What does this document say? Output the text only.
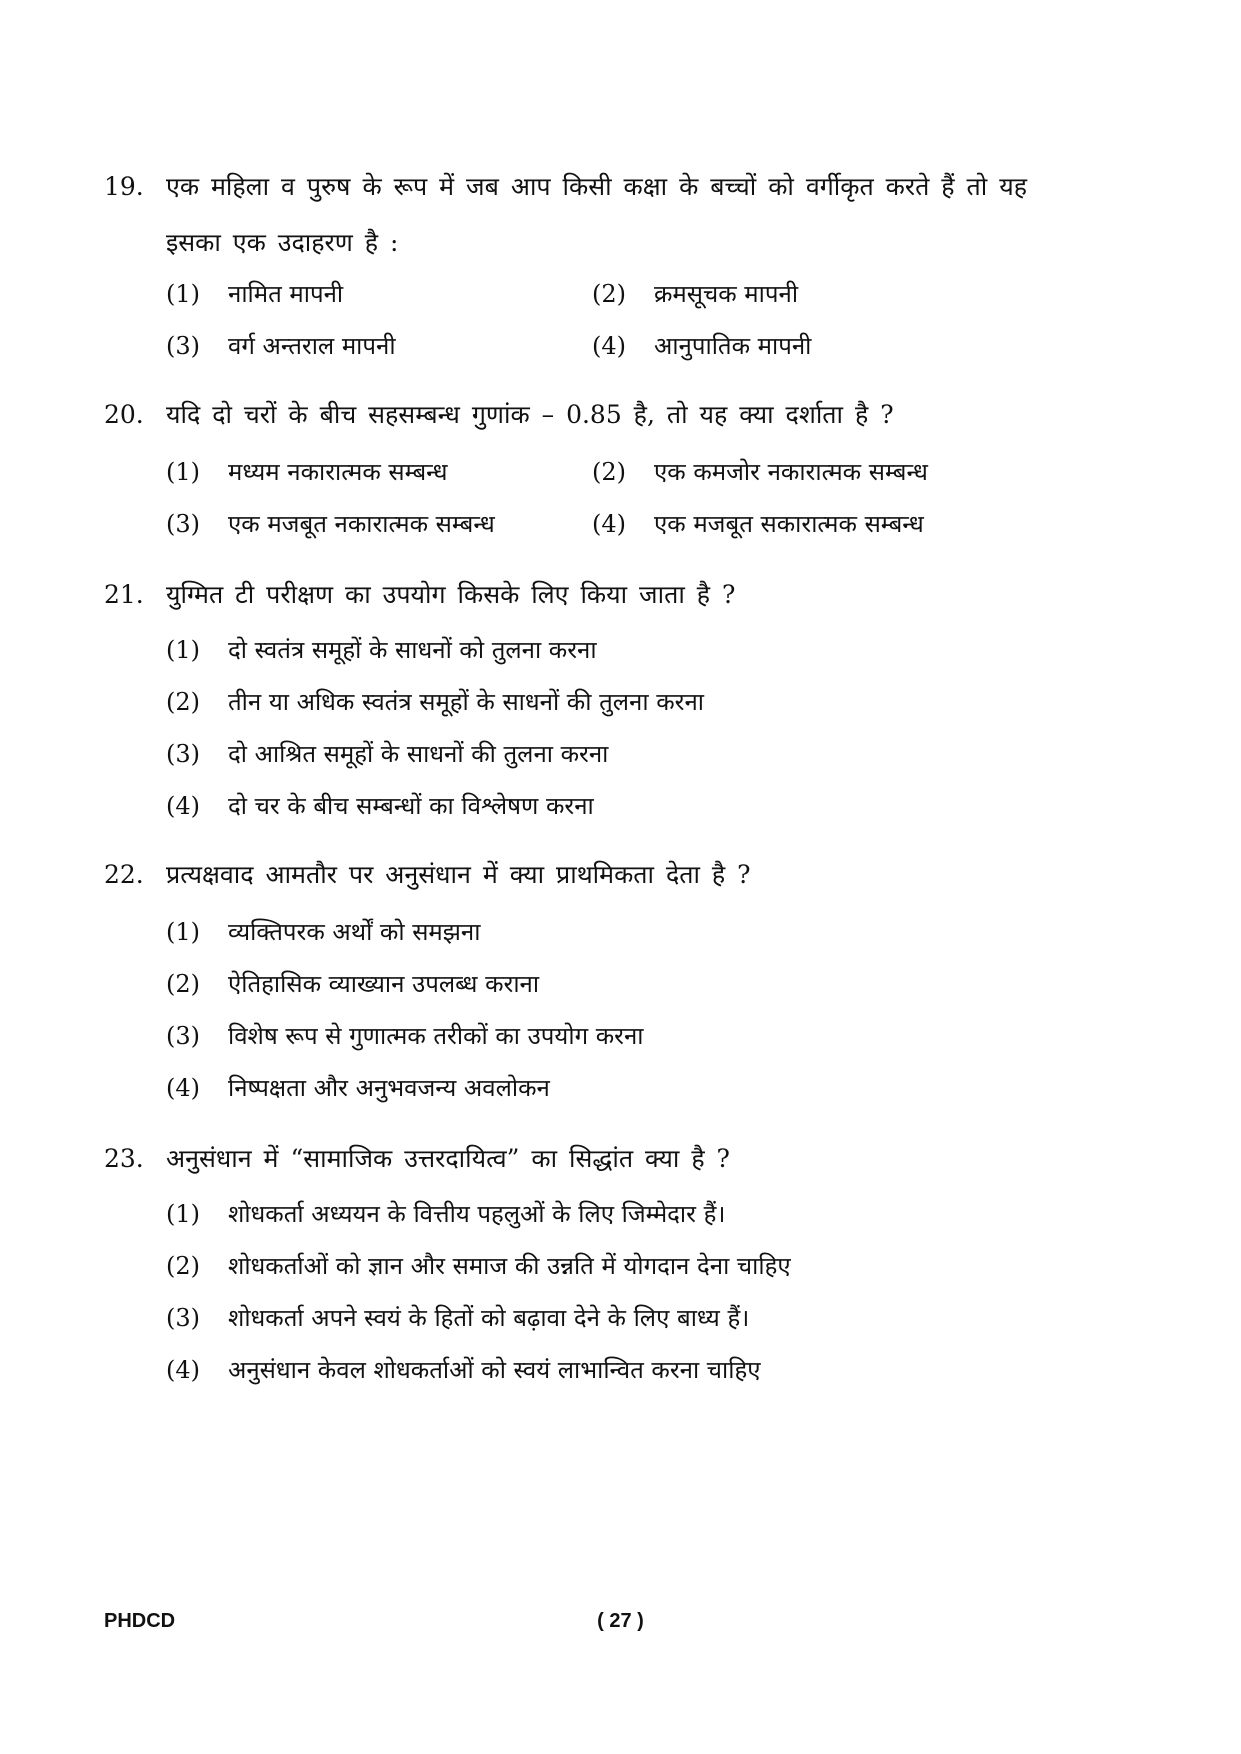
19. एक महिला व पुरुष के रूप में जब आप किसी कक्षा के बच्चों को वर्गीकृत करते हैं तो यह
इसका एक उदाहरण है :
(1) नामित मापनी	(2) क्रमसूचक मापनी
(3) वर्ग अन्तराल मापनी	(4) आनुपातिक मापनी
20. यदि दो चरों के बीच सहसम्बन्ध गुणांक – 0.85 है, तो यह क्या दर्शाता है ?
(1) मध्यम नकारात्मक सम्बन्ध	(2) एक कमजोर नकारात्मक सम्बन्ध
(3) एक मजबूत नकारात्मक सम्बन्ध	(4) एक मजबूत सकारात्मक सम्बन्ध
21. युग्मित टी परीक्षण का उपयोग किसके लिए किया जाता है ?
(1) दो स्वतंत्र समूहों के साधनों को तुलना करना
(2) तीन या अधिक स्वतंत्र समूहों के साधनों की तुलना करना
(3) दो आश्रित समूहों के साधनों की तुलना करना
(4) दो चर के बीच सम्बन्धों का विश्लेषण करना
22. प्रत्यक्षवाद आमतौर पर अनुसंधान में क्या प्राथमिकता देता है ?
(1) व्यक्तिपरक अर्थों को समझना
(2) ऐतिहासिक व्याख्यान उपलब्ध कराना
(3) विशेष रूप से गुणात्मक तरीकों का उपयोग करना
(4) निष्पक्षता और अनुभवजन्य अवलोकन
23. अनुसंधान में “सामाजिक उत्तरदायित्व” का सिद्धांत क्या है ?
(1) शोधकर्ता अध्ययन के वित्तीय पहलुओं के लिए जिम्मेदार हैं।
(2) शोधकर्ताओं को ज्ञान और समाज की उन्नति में योगदान देना चाहिए
(3) शोधकर्ता अपने स्वयं के हितों को बढ़ावा देने के लिए बाध्य हैं।
(4) अनुसंधान केवल शोधकर्ताओं को स्वयं लाभान्वित करना चाहिए
PHDCD	( 27 )
